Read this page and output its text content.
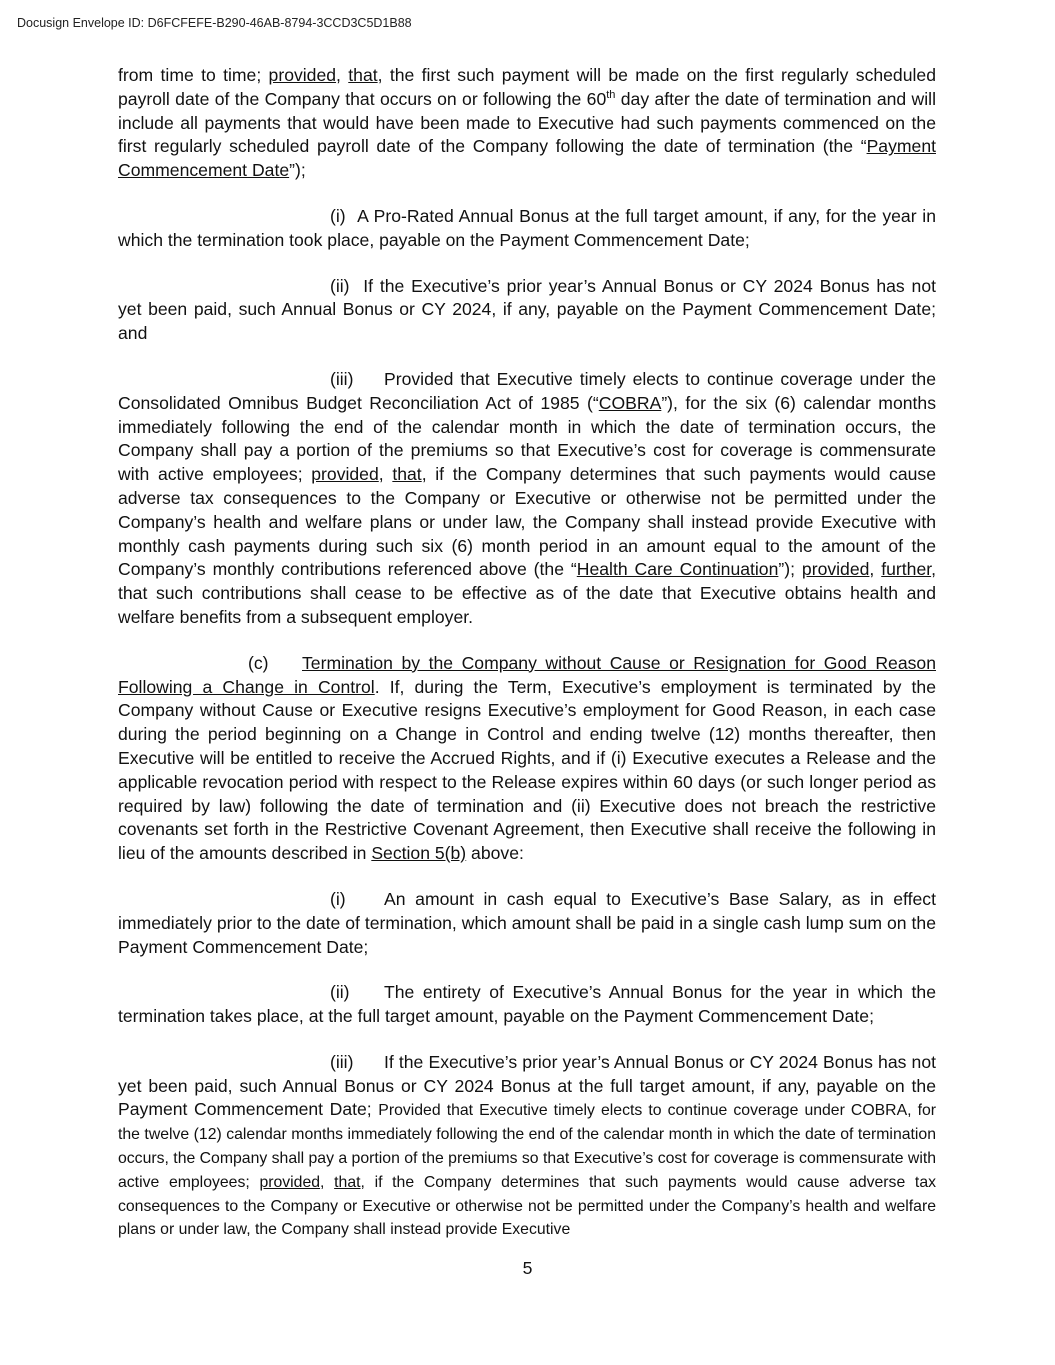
Docusign Envelope ID: D6FCFEFE-B290-46AB-8794-3CCD3C5D1B88

from time to time; provided, that, the first such payment will be made on the first regularly scheduled payroll date of the Company that occurs on or following the 60th day after the date of termination and will include all payments that would have been made to Executive had such payments commenced on the first regularly scheduled payroll date of the Company following the date of termination (the “Payment Commencement Date”);

(i) A Pro-Rated Annual Bonus at the full target amount, if any, for the year in which the termination took place, payable on the Payment Commencement Date;

(ii) If the Executive’s prior year’s Annual Bonus or CY 2024 Bonus has not yet been paid, such Annual Bonus or CY 2024, if any, payable on the Payment Commencement Date; and

(iii) Provided that Executive timely elects to continue coverage under the Consolidated Omnibus Budget Reconciliation Act of 1985 (“COBRA”), for the six (6) calendar months immediately following the end of the calendar month in which the date of termination occurs, the Company shall pay a portion of the premiums so that Executive’s cost for coverage is commensurate with active employees; provided, that, if the Company determines that such payments would cause adverse tax consequences to the Company or Executive or otherwise not be permitted under the Company’s health and welfare plans or under law, the Company shall instead provide Executive with monthly cash payments during such six (6) month period in an amount equal to the amount of the Company’s monthly contributions referenced above (the “Health Care Continuation”); provided, further, that such contributions shall cease to be effective as of the date that Executive obtains health and welfare benefits from a subsequent employer.

(c) Termination by the Company without Cause or Resignation for Good Reason Following a Change in Control. If, during the Term, Executive’s employment is terminated by the Company without Cause or Executive resigns Executive’s employment for Good Reason, in each case during the period beginning on a Change in Control and ending twelve (12) months thereafter, then Executive will be entitled to receive the Accrued Rights, and if (i) Executive executes a Release and the applicable revocation period with respect to the Release expires within 60 days (or such longer period as required by law) following the date of termination and (ii) Executive does not breach the restrictive covenants set forth in the Restrictive Covenant Agreement, then Executive shall receive the following in lieu of the amounts described in Section 5(b) above:

(i) An amount in cash equal to Executive’s Base Salary, as in effect immediately prior to the date of termination, which amount shall be paid in a single cash lump sum on the Payment Commencement Date;

(ii) The entirety of Executive’s Annual Bonus for the year in which the termination takes place, at the full target amount, payable on the Payment Commencement Date;

(iii) If the Executive’s prior year’s Annual Bonus or CY 2024 Bonus has not yet been paid, such Annual Bonus or CY 2024 Bonus at the full target amount, if any, payable on the Payment Commencement Date; Provided that Executive timely elects to continue coverage under COBRA, for the twelve (12) calendar months immediately following the end of the calendar month in which the date of termination occurs, the Company shall pay a portion of the premiums so that Executive’s cost for coverage is commensurate with active employees; provided, that, if the Company determines that such payments would cause adverse tax consequences to the Company or Executive or otherwise not be permitted under the Company’s health and welfare plans or under law, the Company shall instead provide Executive

5
